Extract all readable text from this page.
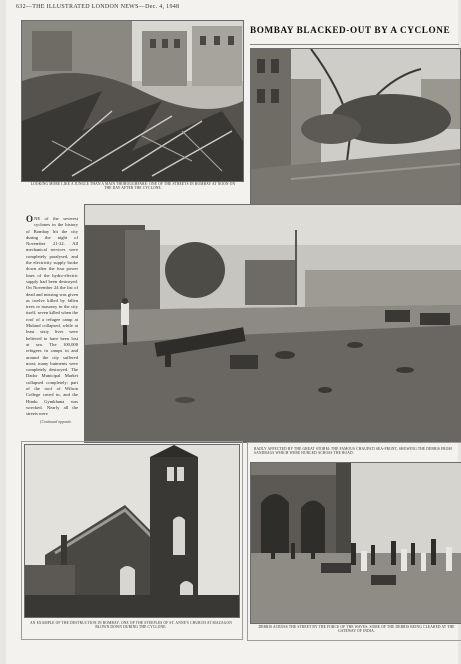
632—THE ILLUSTRATED LONDON NEWS—Dec. 4, 1948
BOMBAY BLACKED-OUT BY A CYCLONE
LOOKING MORE LIKE A JUNGLE THAN A MAIN THOROUGHFARE: ONE OF THE STREETS IN BOMBAY AT NOON ON THE DAY AFTER THE CYCLONE.
ONE of the severest cyclones in the history of Bombay hit the city during the night of November 21-22. All mechanical services were completely paralysed, and the electricity supply broke down after the four power lines of the hydro-electric supply had been destroyed. On November 24 the list of dead and missing was given as twelve killed by fallen trees or masonry in the city itself, seven killed when the roof of a refugee camp at Mulund collapsed, while at least sixty lives were believed to have been lost at sea. The 100,000 refugees in camps in and around the city suffered most; many hutments were completely destroyed. The Dadar Municipal Market collapsed completely; part of the roof of Wilson College caved in, and the Hindu Gymkhana was wrecked. Nearly all the streets were
[Continued opposite.
AN EXAMPLE OF THE DESTRUCTION IN BOMBAY: ONE OF THE STEEPLES OF ST. ANNE'S CHURCH AT MAZAGON BLOWN DOWN DURING THE CYCLONE.
BADLY AFFECTED BY THE GREAT STORM: THE FAMOUS CHAUPATI SEA-FRONT, SHOWING THE DEBRIS FROM SANDBAGS WHICH WERE HURLED ACROSS THE ROAD.
DEBRIS ACROSS THE STREET BY THE FORCE OF THE WAVES: SOME OF THE DEBRIS BEING CLEARED AT THE GATEWAY OF INDIA.
